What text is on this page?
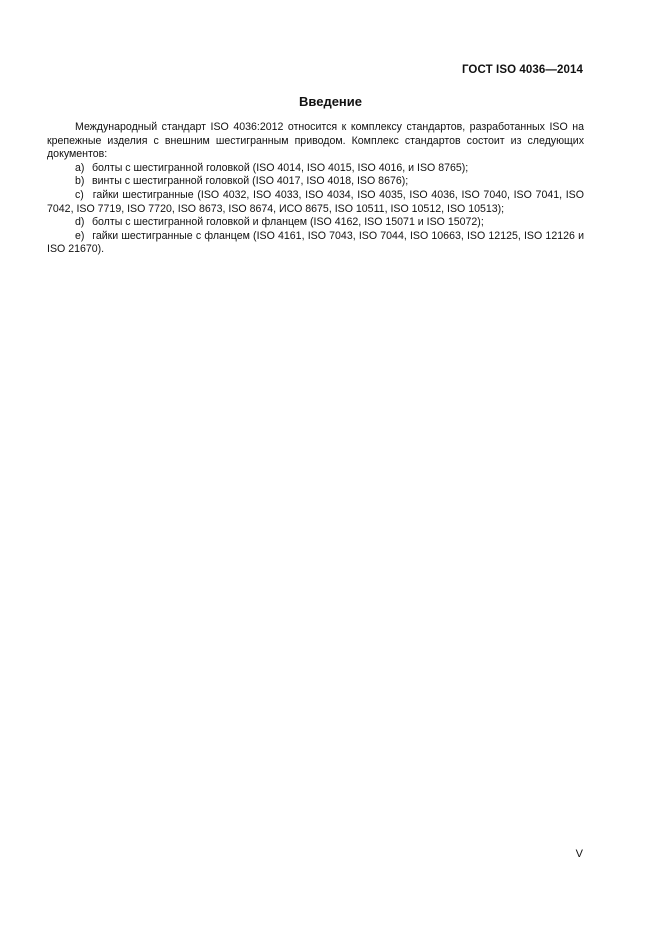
ГОСТ ISO 4036—2014
Введение

Международный стандарт ISO 4036:2012 относится к комплексу стандартов, разработанных ISO на крепежные изделия с внешним шестигранным приводом. Комплекс стандартов состоит из следующих документов:

a) болты с шестигранной головкой (ISO 4014, ISO 4015, ISO 4016, и ISO 8765);

b) винты с шестигранной головкой (ISO 4017, ISO 4018, ISO 8676);

c) гайки шестигранные (ISO 4032, ISO 4033, ISO 4034, ISO 4035, ISO 4036, ISO 7040, ISO 7041, ISO 7042, ISO 7719, ISO 7720, ISO 8673, ISO 8674, ИСО 8675, ISO 10511, ISO 10512, ISO 10513);

d) болты с шестигранной головкой и фланцем (ISO 4162, ISO 15071 и ISO 15072);

e) гайки шестигранные с фланцем (ISO 4161, ISO 7043, ISO 7044, ISO 10663, ISO 12125, ISO 12126 и ISO 21670).

V
